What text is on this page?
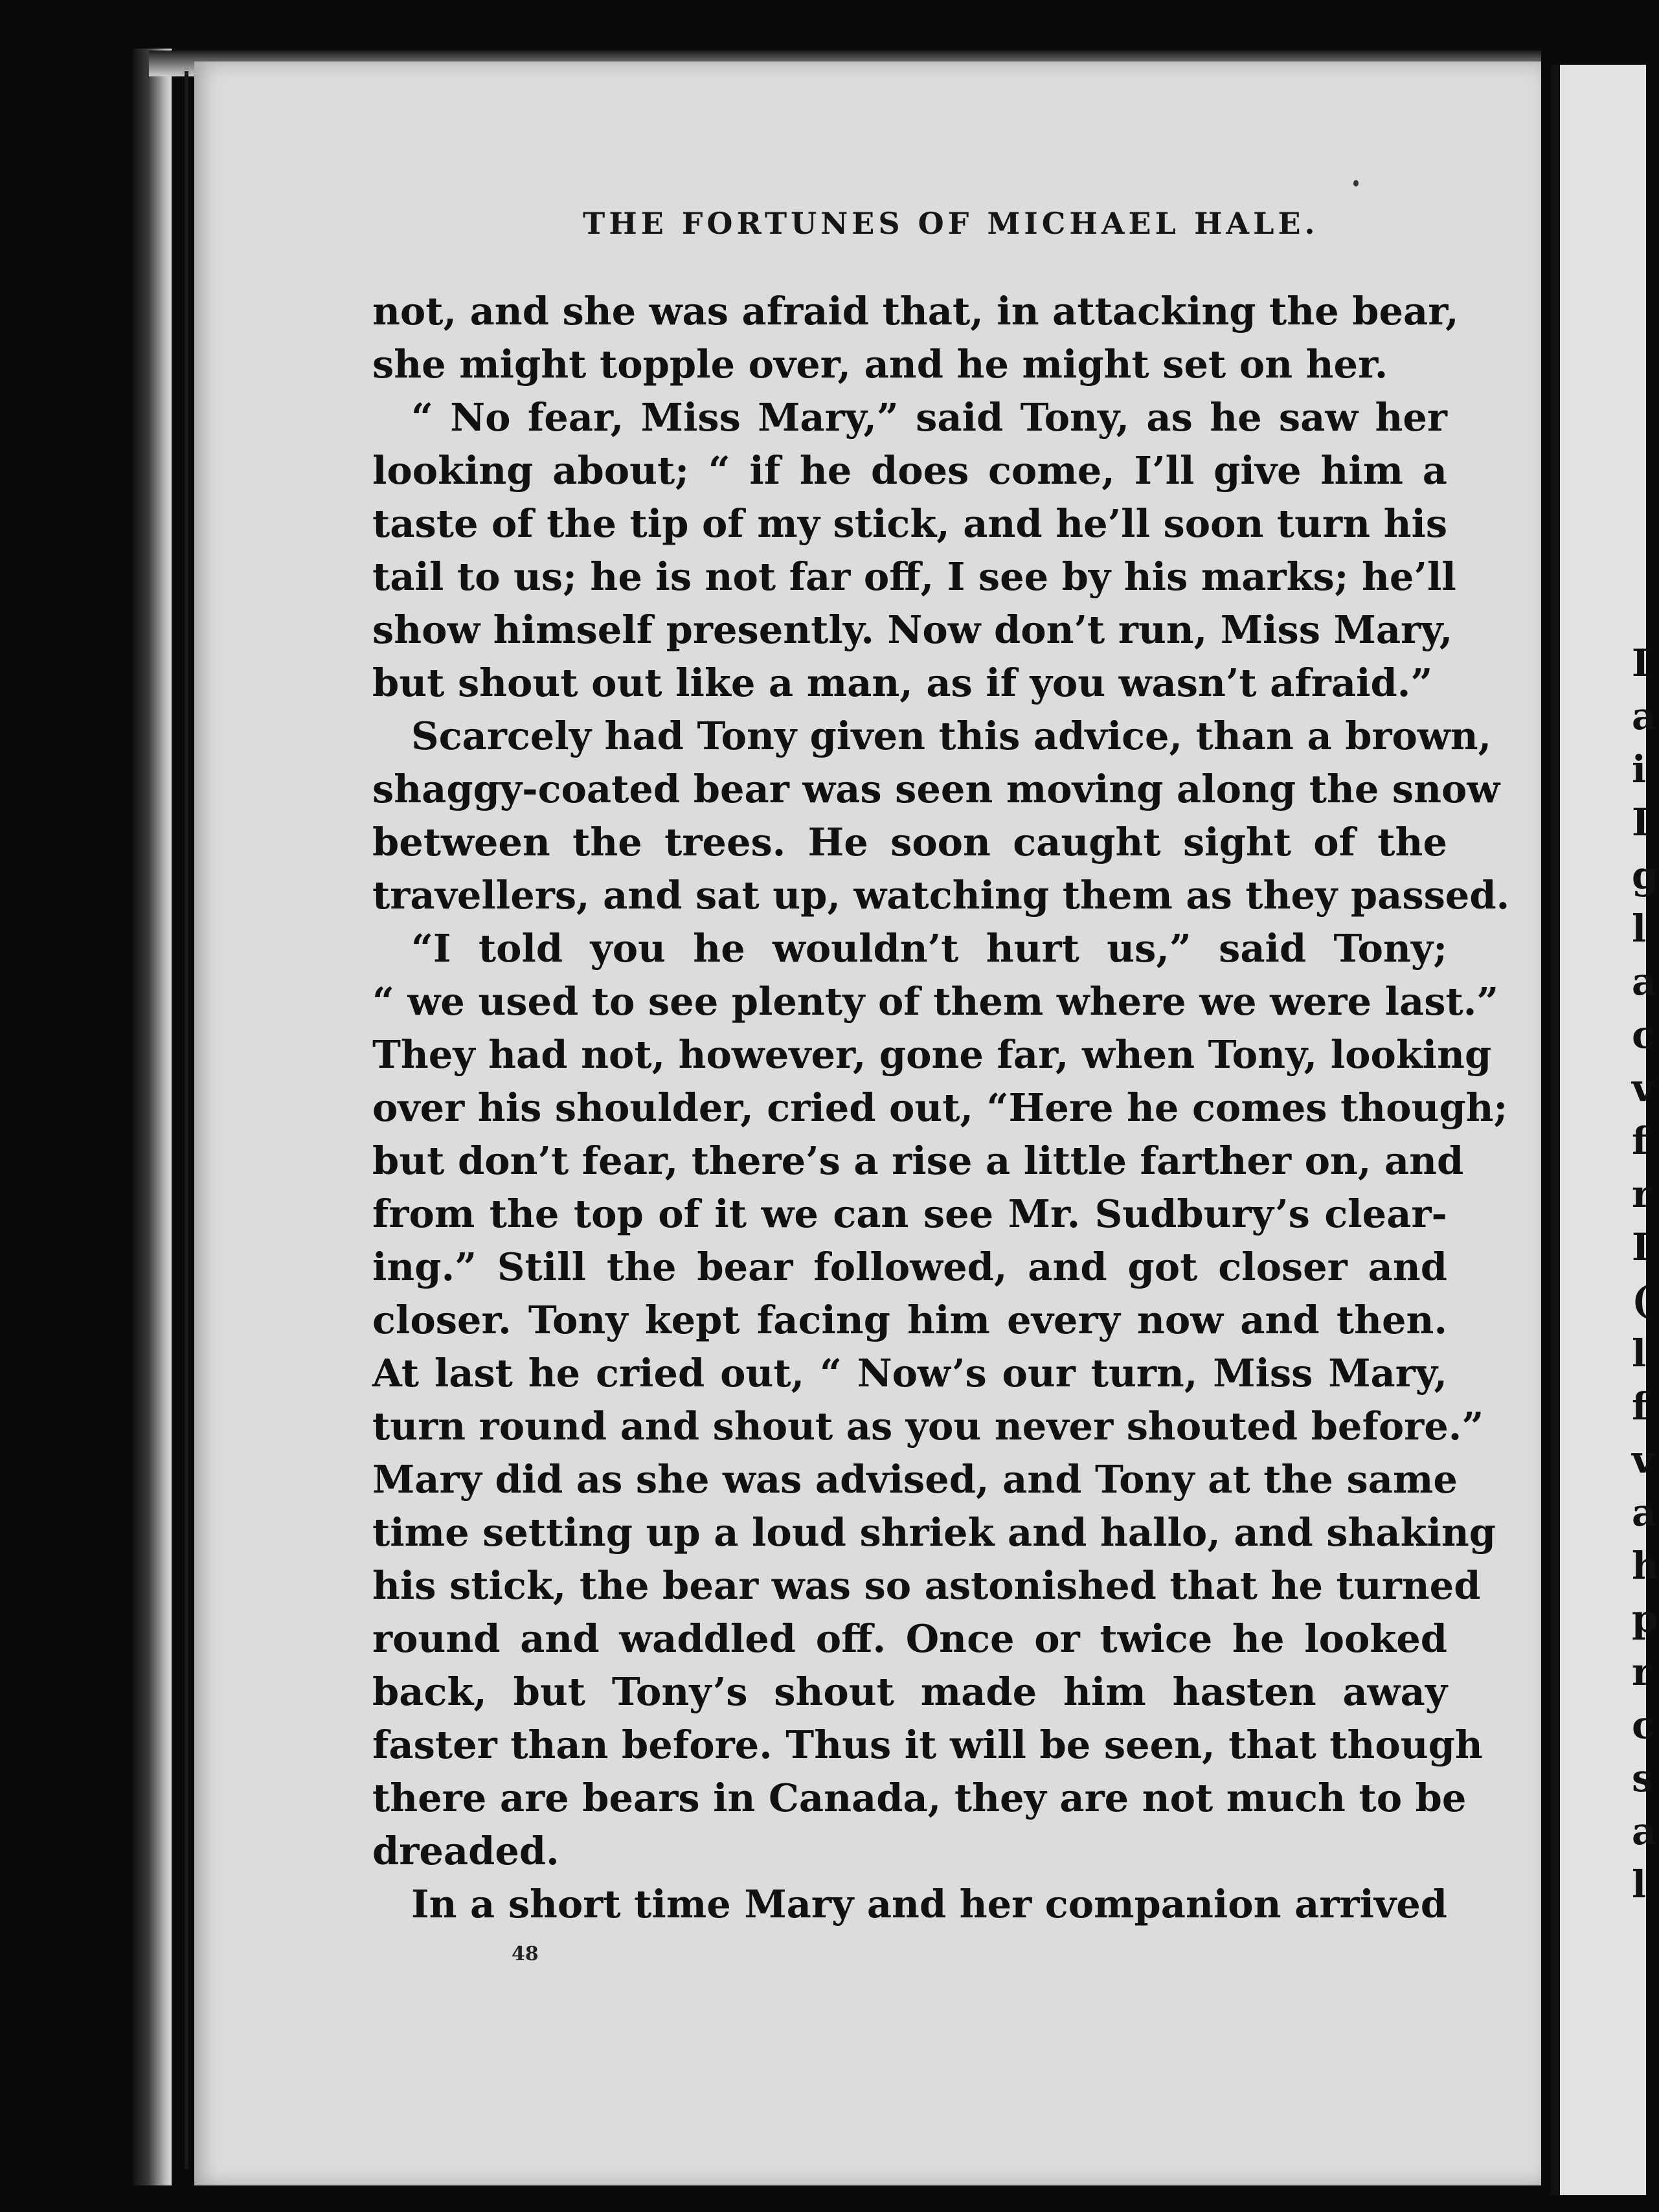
THE FORTUNES OF MICHAEL HALE.
not, and she was afraid that, in attacking the bear,
she might topple over, and he might set on her.
“ No fear, Miss Mary,” said Tony, as he saw her
looking about; “ if he does come, I’ll give him a
taste of the tip of my stick, and he’ll soon turn his
tail to us; he is not far off, I see by his marks; he’ll
show himself presently. Now don’t run, Miss Mary,
but shout out like a man, as if you wasn’t afraid.”
Scarcely had Tony given this advice, than a brown,
shaggy-coated bear was seen moving along the snow
between the trees. He soon caught sight of the
travellers, and sat up, watching them as they passed.
“I told you he wouldn’t hurt us,” said Tony;
“ we used to see plenty of them where we were last.”
They had not, however, gone far, when Tony, looking
over his shoulder, cried out, “Here he comes though;
but don’t fear, there’s a rise a little farther on, and
from the top of it we can see Mr. Sudbury’s clear-
ing.” Still the bear followed, and got closer and
closer. Tony kept facing him every now and then.
At last he cried out, “ Now’s our turn, Miss Mary,
turn round and shout as you never shouted before.”
Mary did as she was advised, and Tony at the same
time setting up a loud shriek and hallo, and shaking
his stick, the bear was so astonished that he turned
round and waddled off. Once or twice he looked
back, but Tony’s shout made him hasten away
faster than before. Thus it will be seen, that though
there are bears in Canada, they are not much to be
dreaded.
In a short time Mary and her companion arrived
48
I
a
i
I
g
l
a
c
v
f
r
I
(
l
f
v
a
h
p
r
c
s
a
l
